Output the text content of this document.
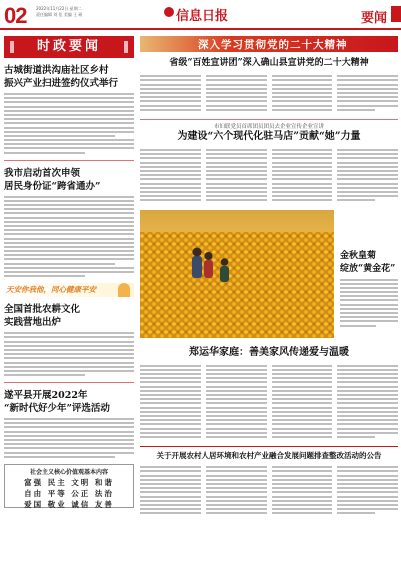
02 2022年11月22日 星期二
责任编辑 刘 佳 美编 王 硕	信息日报	要闻
时政要闻
古城街道洪沟庙社区乡村
振兴产业扫进签约仪式举行
我市启动首次申领
居民身份证“跨省通办”
天安你我他，同心健康平安
全国首批农耕文化
实践营地出炉
遂平县开展2022年
“新时代好少年”评选活动
社会主义核心价值观基本内容
富强 民主 文明 和谐
自由 平等 公正 法治
爱国 敬业 诚信 友善
深入学习贯彻党的二十大精神
省级“百姓宣讲团”深入确山县宣讲党的二十大精神
市妇联党员首席团员团员去企业宣传企业宣讲
为建设“六个现代化驻马店”贡献“她”力量
金秋皇菊
绽放“黄金花”
郑运华家庭：善美家风传递爱与温暖
关于开展农村人居环境和农村产业融合发展问题排查整改活动的公告
